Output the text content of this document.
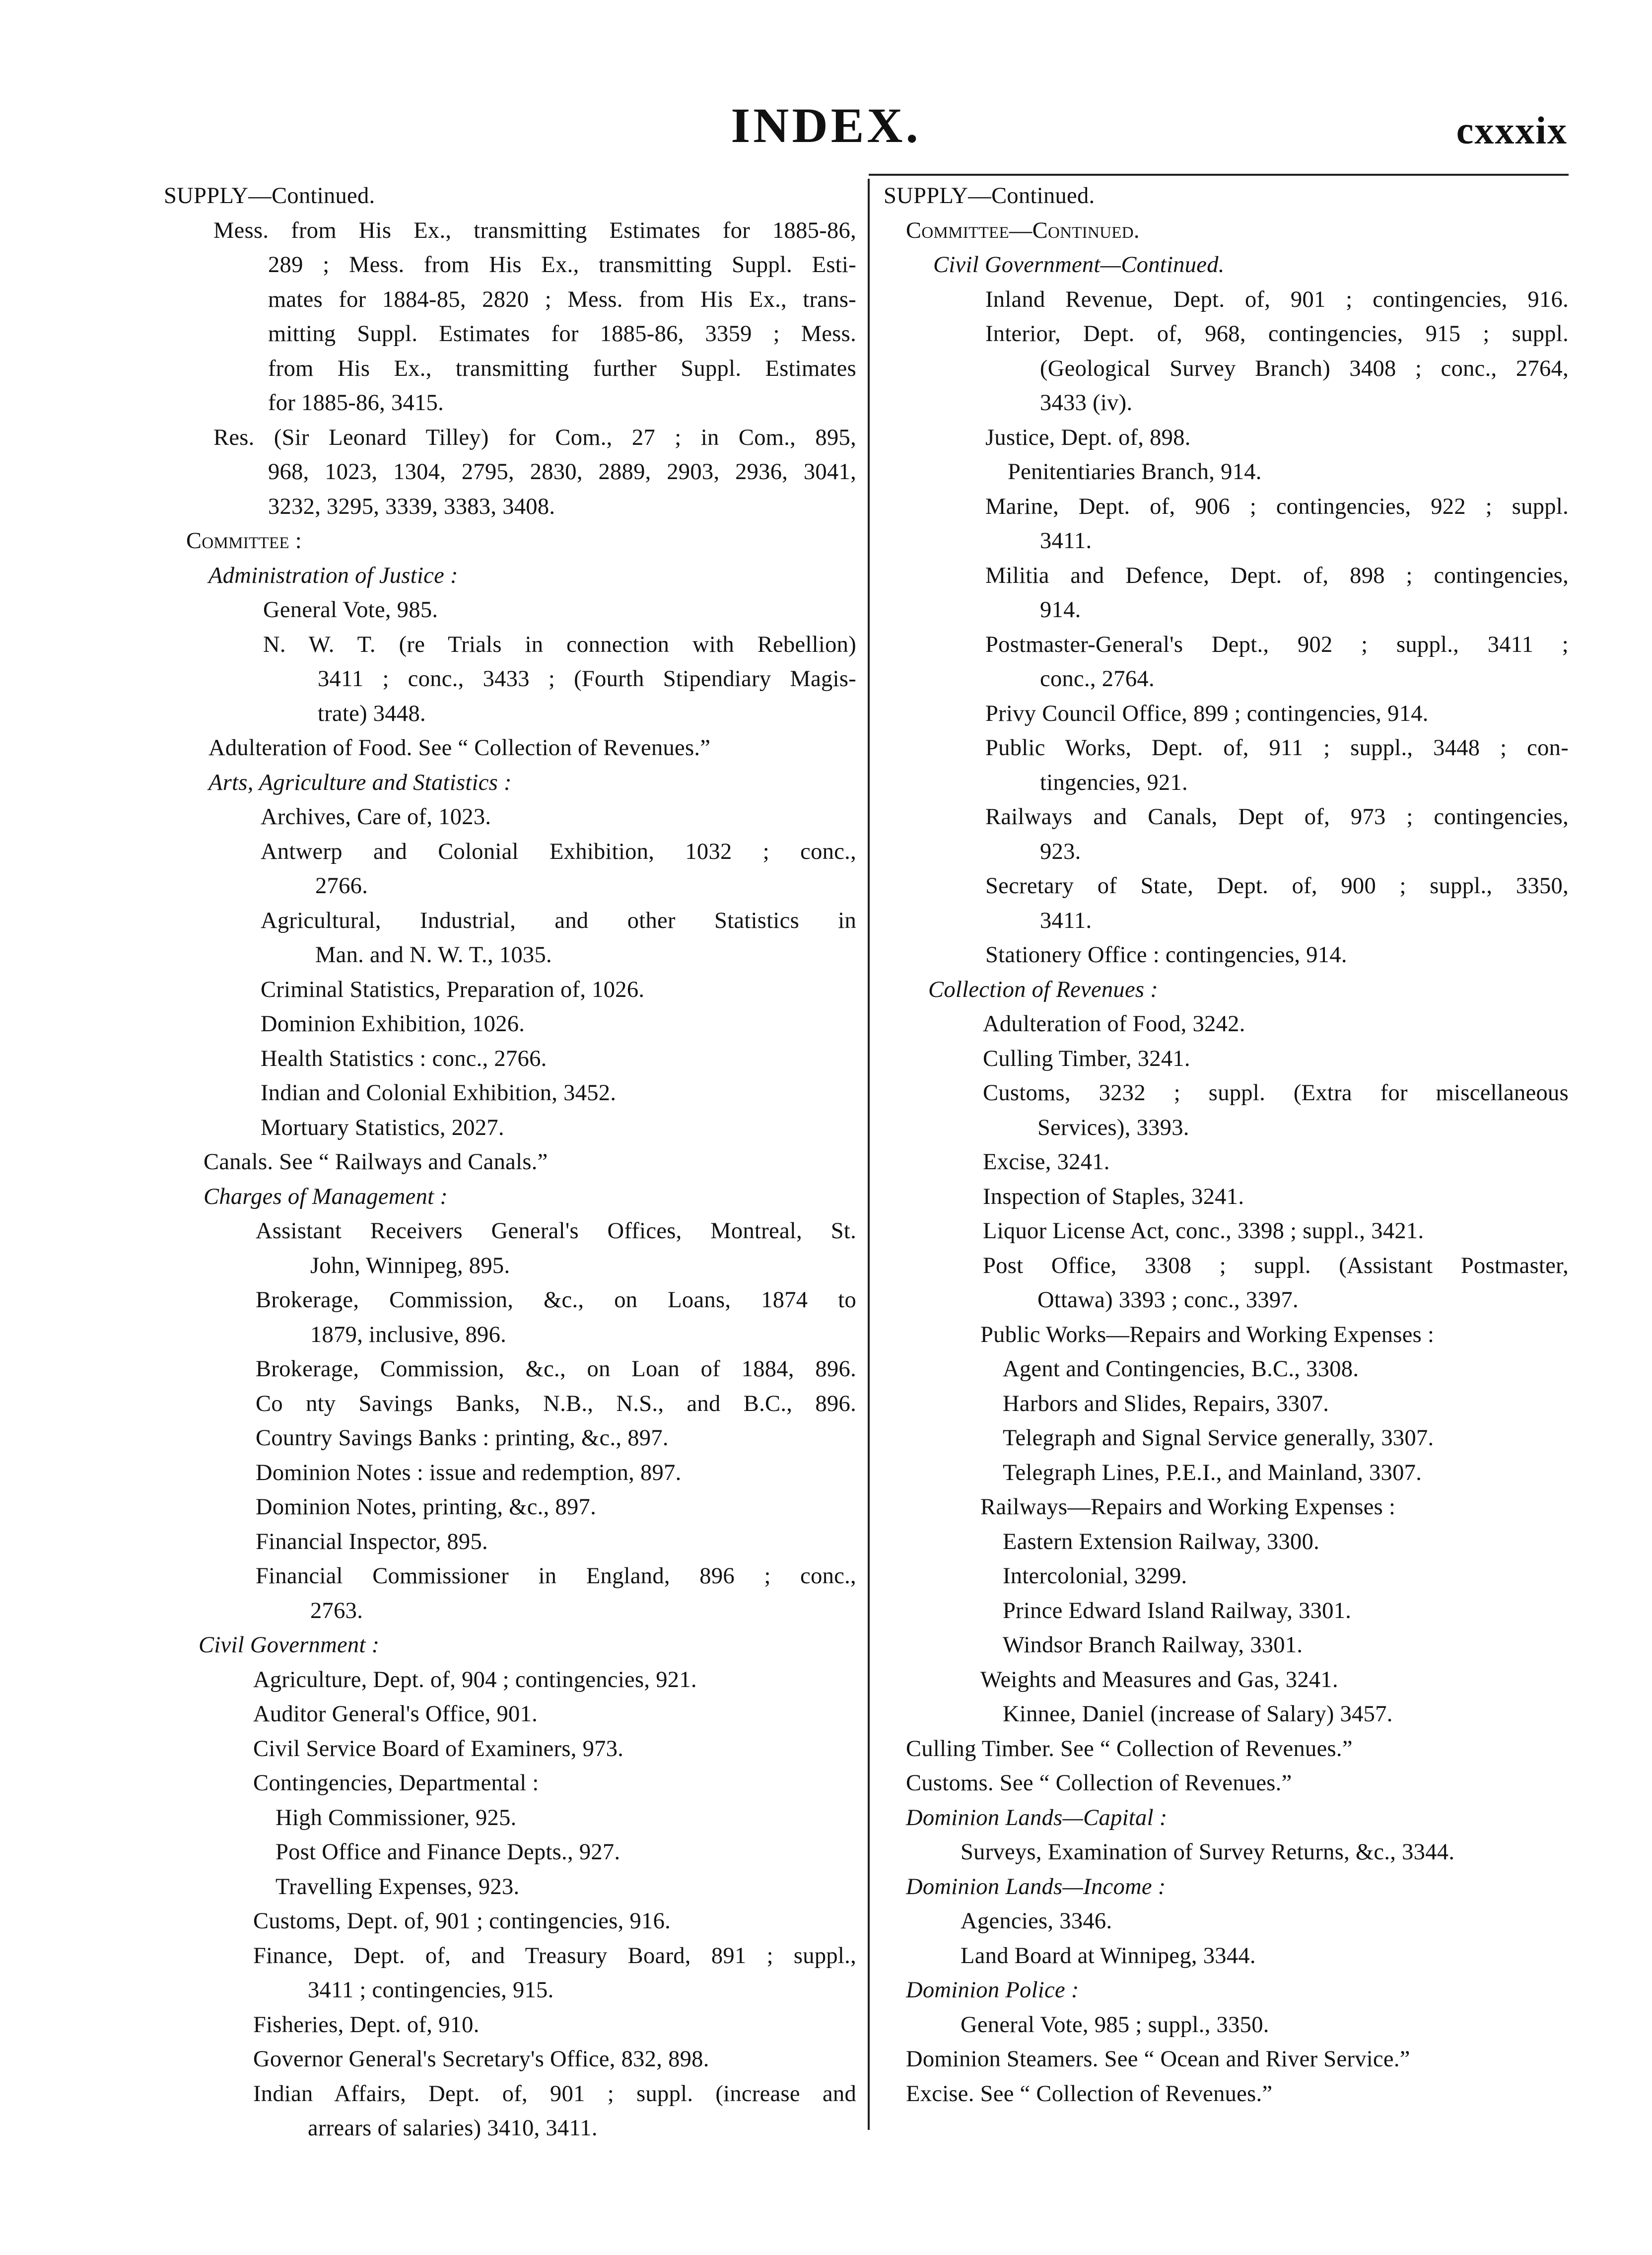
INDEX.	cxxxix
SUPPLY—Continued.
Mess. from His Ex., transmitting Estimates for 1885-86,
289 ; Mess. from His Ex., transmitting Suppl. Esti-
mates for 1884-85, 2820 ; Mess. from His Ex., trans-
mitting Suppl. Estimates for 1885-86, 3359 ; Mess.
from His Ex., transmitting further Suppl. Estimates
for 1885-86, 3415.
Res. (Sir Leonard Tilley) for Com., 27 ; in Com., 895,
968, 1023, 1304, 2795, 2830, 2889, 2903, 2936, 3041,
3232, 3295, 3339, 3383, 3408.
Committee :
Administration of Justice :
General Vote, 985.
N. W. T. (re Trials in connection with Rebellion)
3411 ; conc., 3433 ; (Fourth Stipendiary Magis-
trate) 3448.
Adulteration of Food. See “ Collection of Revenues.”
Arts, Agriculture and Statistics :
Archives, Care of, 1023.
Antwerp and Colonial Exhibition, 1032 ; conc.,
2766.
Agricultural, Industrial, and other Statistics in
Man. and N. W. T., 1035.
Criminal Statistics, Preparation of, 1026.
Dominion Exhibition, 1026.
Health Statistics : conc., 2766.
Indian and Colonial Exhibition, 3452.
Mortuary Statistics, 2027.
Canals. See “ Railways and Canals.”
Charges of Management :
Assistant Receivers General's Offices, Montreal, St.
John, Winnipeg, 895.
Brokerage, Commission, &c., on Loans, 1874 to
1879, inclusive, 896.
Brokerage, Commission, &c., on Loan of 1884, 896.
Co nty Savings Banks, N.B., N.S., and B.C., 896.
Country Savings Banks : printing, &c., 897.
Dominion Notes : issue and redemption, 897.
Dominion Notes, printing, &c., 897.
Financial Inspector, 895.
Financial Commissioner in England, 896 ; conc.,
2763.
Civil Government :
Agriculture, Dept. of, 904 ; contingencies, 921.
Auditor General's Office, 901.
Civil Service Board of Examiners, 973.
Contingencies, Departmental :
High Commissioner, 925.
Post Office and Finance Depts., 927.
Travelling Expenses, 923.
Customs, Dept. of, 901 ; contingencies, 916.
Finance, Dept. of, and Treasury Board, 891 ; suppl.,
3411 ; contingencies, 915.
Fisheries, Dept. of, 910.
Governor General's Secretary's Office, 832, 898.
Indian Affairs, Dept. of, 901 ; suppl. (increase and
arrears of salaries) 3410, 3411.
SUPPLY—Continued.
Committee—Continued.
Civil Government—Continued.
Inland Revenue, Dept. of, 901 ; contingencies, 916.
Interior, Dept. of, 968, contingencies, 915 ; suppl.
(Geological Survey Branch) 3408 ; conc., 2764,
3433 (iv).
Justice, Dept. of, 898.
Penitentiaries Branch, 914.
Marine, Dept. of, 906 ; contingencies, 922 ; suppl.
3411.
Militia and Defence, Dept. of, 898 ; contingencies,
914.
Postmaster-General's Dept., 902 ; suppl., 3411 ;
conc., 2764.
Privy Council Office, 899 ; contingencies, 914.
Public Works, Dept. of, 911 ; suppl., 3448 ; con-
tingencies, 921.
Railways and Canals, Dept of, 973 ; contingencies,
923.
Secretary of State, Dept. of, 900 ; suppl., 3350,
3411.
Stationery Office : contingencies, 914.
Collection of Revenues :
Adulteration of Food, 3242.
Culling Timber, 3241.
Customs, 3232 ; suppl. (Extra for miscellaneous
Services), 3393.
Excise, 3241.
Inspection of Staples, 3241.
Liquor License Act, conc., 3398 ; suppl., 3421.
Post Office, 3308 ; suppl. (Assistant Postmaster,
Ottawa) 3393 ; conc., 3397.
Public Works—Repairs and Working Expenses :
Agent and Contingencies, B.C., 3308.
Harbors and Slides, Repairs, 3307.
Telegraph and Signal Service generally, 3307.
Telegraph Lines, P.E.I., and Mainland, 3307.
Railways—Repairs and Working Expenses :
Eastern Extension Railway, 3300.
Intercolonial, 3299.
Prince Edward Island Railway, 3301.
Windsor Branch Railway, 3301.
Weights and Measures and Gas, 3241.
Kinnee, Daniel (increase of Salary) 3457.
Culling Timber. See “ Collection of Revenues.”
Customs. See “ Collection of Revenues.”
Dominion Lands—Capital :
Surveys, Examination of Survey Returns, &c., 3344.
Dominion Lands—Income :
Agencies, 3346.
Land Board at Winnipeg, 3344.
Dominion Police :
General Vote, 985 ; suppl., 3350.
Dominion Steamers. See “ Ocean and River Service.”
Excise. See “ Collection of Revenues.”
